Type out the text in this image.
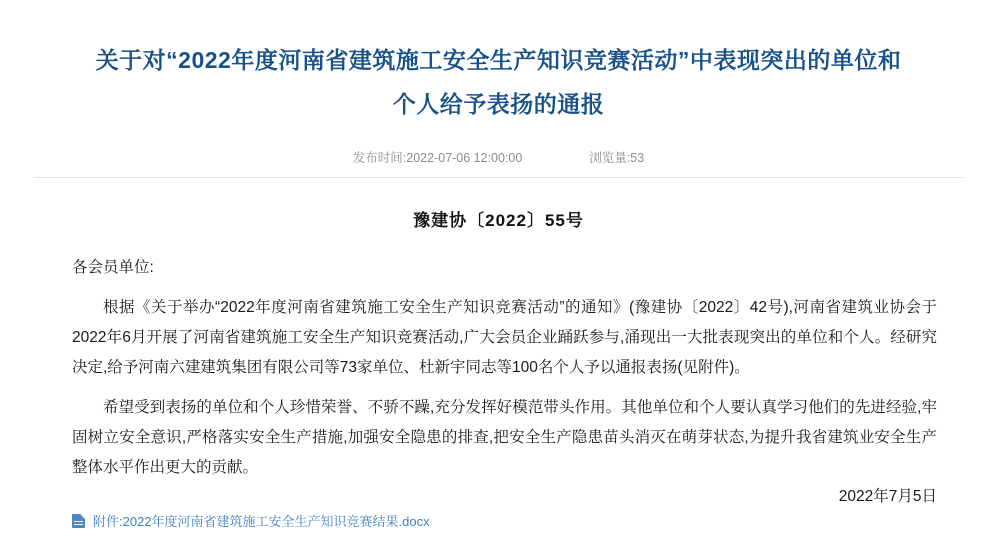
关于对“2022年度河南省建筑施工安全生产知识竞赛活动”中表现突出的单位和个人给予表扬的通报
发布时间:2022-07-06 12:00:00	浏览量:53
豫建协〔2022〕55号

各会员单位:

根据《关于举办“2022年度河南省建筑施工安全生产知识竞赛活动”的通知》(豫建协〔2022〕42号),河南省建筑业协会于2022年6月开展了河南省建筑施工安全生产知识竞赛活动,广大会员企业踊跃参与,涌现出一大批表现突出的单位和个人。经研究决定,给予河南六建建筑集团有限公司等73家单位、杜新宇同志等100名个人予以通报表扬(见附件)。

希望受到表扬的单位和个人珍惜荣誉、不骄不躁,充分发挥好模范带头作用。其他单位和个人要认真学习他们的先进经验,牢固树立安全意识,严格落实安全生产措施,加强安全隐患的排查,把安全生产隐患苗头消灭在萌芽状态,为提升我省建筑业安全生产整体水平作出更大的贡献。

附件:2022年度河南省建筑施工安全生产知识竞赛结果.docx
2022年7月5日
